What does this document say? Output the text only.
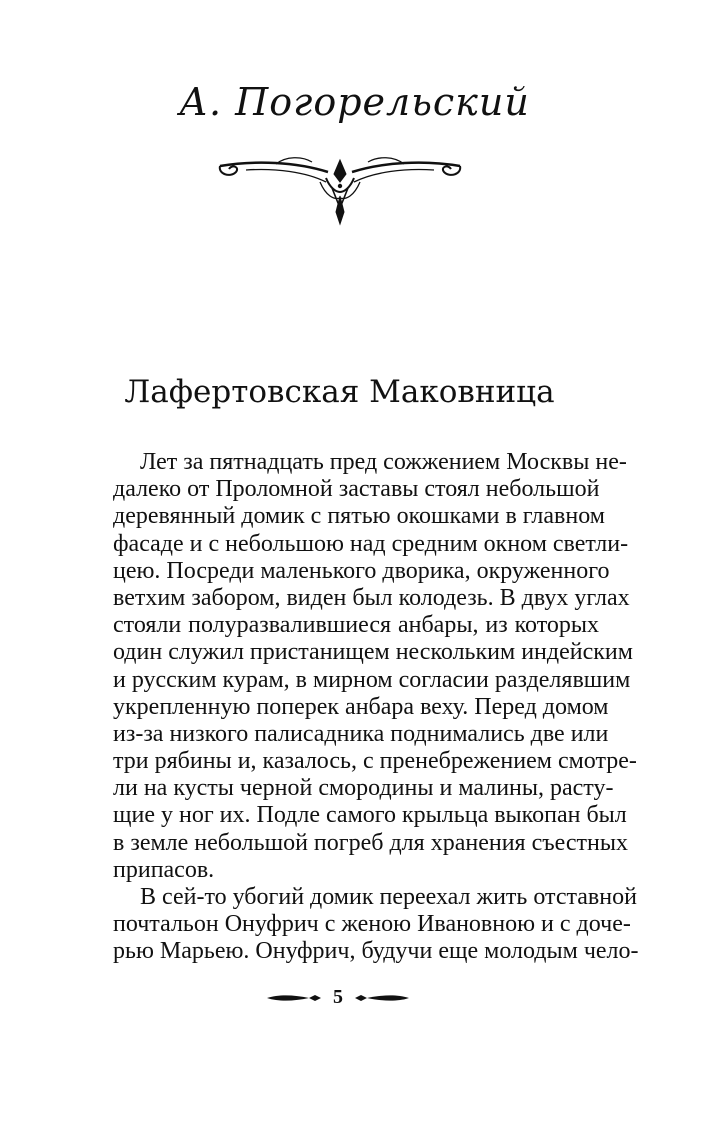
А. Погорельский
Лафертовская Маковница
Лет за пятнадцать пред сожжением Москвы не-
далеко от Проломной заставы стоял небольшой
деревянный домик с пятью окошками в главном
фасаде и с небольшою над средним окном светли-
цею. Посреди маленького дворика, окруженного
ветхим забором, виден был колодезь. В двух углах
стояли полуразвалившиеся анбары, из которых
один служил пристанищем нескольким индейским
и русским курам, в мирном согласии разделявшим
укрепленную поперек анбара веху. Перед домом
из-за низкого палисадника поднимались две или
три рябины и, казалось, с пренебрежением смотре-
ли на кусты черной смородины и малины, расту-
щие у ног их. Подле самого крыльца выкопан был
в земле небольшой погреб для хранения съестных
припасов.
В сей-то убогий домик переехал жить отставной
почтальон Онуфрич с женою Ивановною и с доче-
рью Марьею. Онуфрич, будучи еще молодым чело-
5
